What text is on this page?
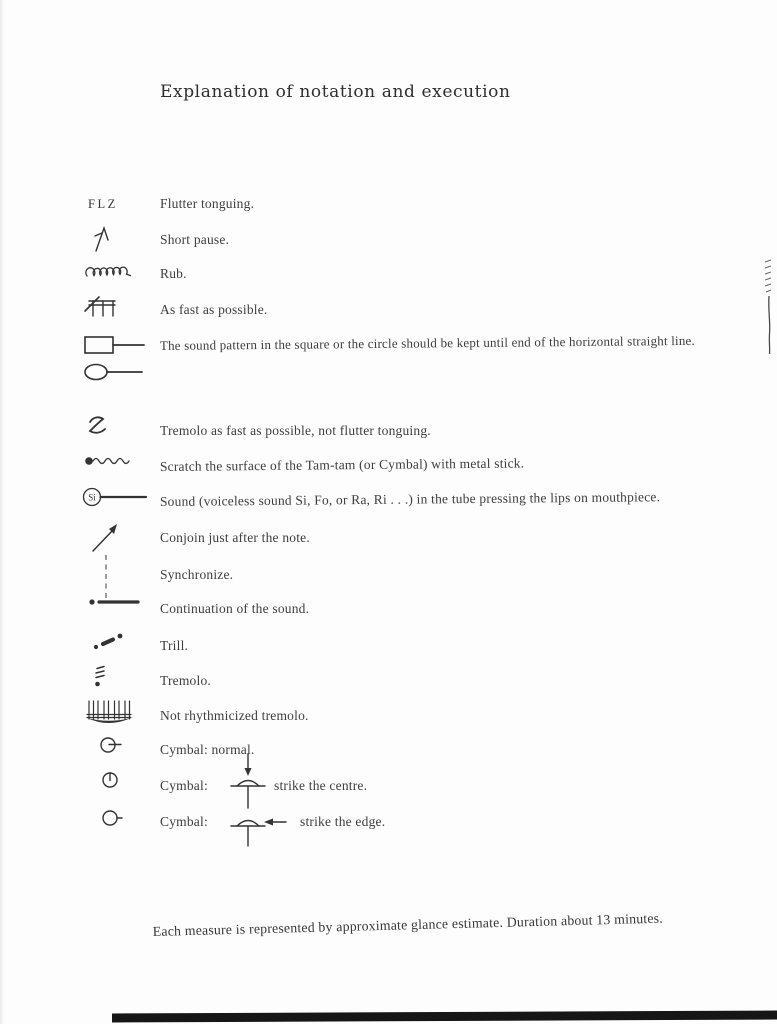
Explanation of notation and execution
FLZ	Flutter tonguing.
Short pause.
Rub.
As fast as possible.
The sound pattern in the square or the circle should be kept until end of the horizontal straight line.
Tremolo as fast as possible, not flutter tonguing.
Scratch the surface of the Tam-tam (or Cymbal) with metal stick.
Si	Sound (voiceless sound Si, Fo, or Ra, Ri . . .) in the tube pressing the lips on mouthpiece.
Conjoin just after the note.
Synchronize.
Continuation of the sound.
Trill.
Tremolo.
Not rhythmicized tremolo.
Cymbal: normal.
Cymbal:	strike the centre.
Cymbal:	strike the edge.
Each measure is represented by approximate glance estimate. Duration about 13 minutes.
